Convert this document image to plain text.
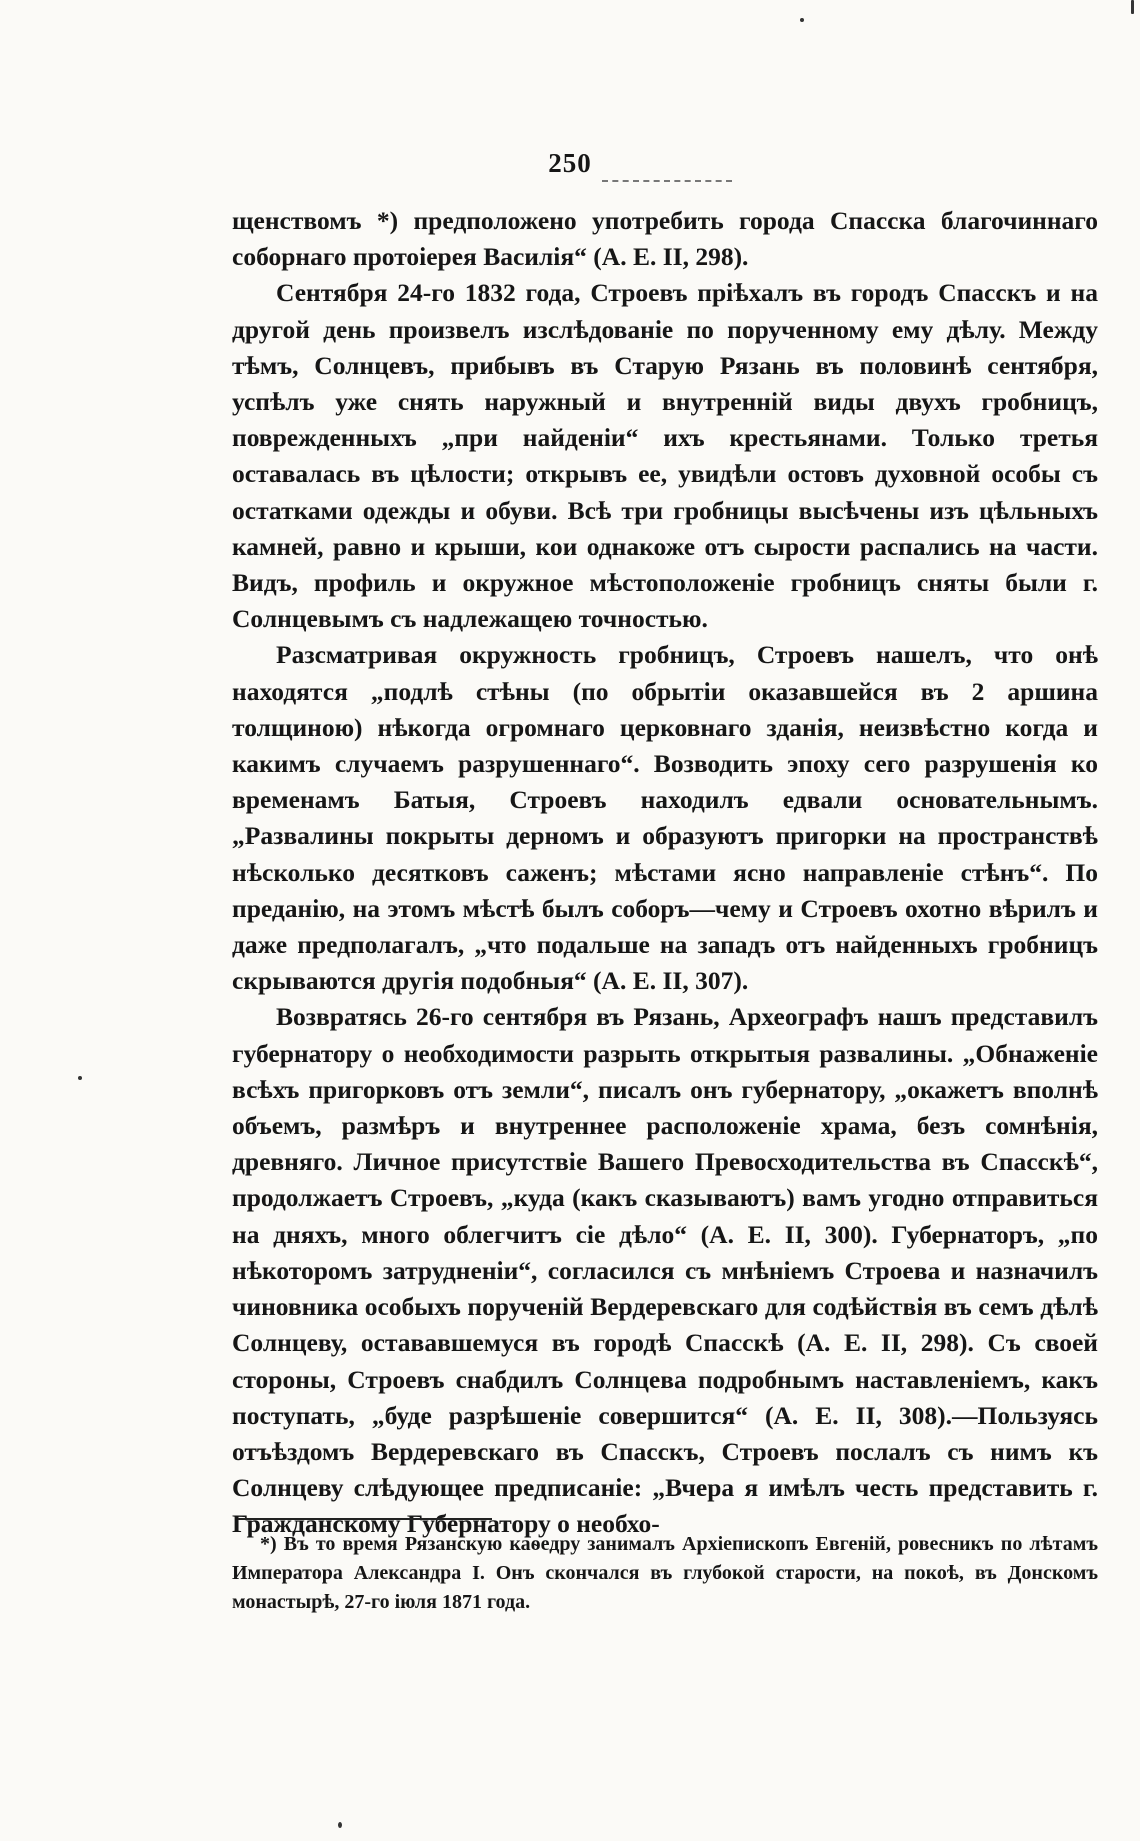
250

щенствомъ *) предположено употребить города Спасска благочиннаго соборнаго протоіерея Василія“ (А. Е. II, 298).

Сентября 24-го 1832 года, Строевъ пріѣхалъ въ городъ Спасскъ и на другой день произвелъ изслѣдованіе по порученному ему дѣлу. Между тѣмъ, Солнцевъ, прибывъ въ Старую Рязань въ половинѣ сентября, успѣлъ уже снять наружный и внутренній виды двухъ гробницъ, поврежденныхъ „при найденіи“ ихъ крестьянами. Только третья оставалась въ цѣлости; открывъ ее, увидѣли остовъ духовной особы съ остатками одежды и обуви. Всѣ три гробницы высѣчены изъ цѣльныхъ камней, равно и крыши, кои однакоже отъ сырости распались на части. Видъ, профиль и окружное мѣстоположеніе гробницъ сняты были г. Солнцевымъ съ надлежащею точностью.

Разсматривая окружность гробницъ, Строевъ нашелъ, что онѣ находятся „подлѣ стѣны (по обрытіи оказавшейся въ 2 аршина толщиною) нѣкогда огромнаго церковнаго зданія, неизвѣстно когда и какимъ случаемъ разрушеннаго“. Возводить эпоху сего разрушенія ко временамъ Батыя, Строевъ находилъ едвали основательнымъ. „Развалины покрыты дерномъ и образуютъ пригорки на пространствѣ нѣсколько десятковъ саженъ; мѣстами ясно направленіе стѣнъ“. По преданію, на этомъ мѣстѣ былъ соборъ—чему и Строевъ охотно вѣрилъ и даже предполагалъ, „что подальше на западъ отъ найденныхъ гробницъ скрываются другія подобныя“ (А. Е. II, 307).

Возвратясь 26-го сентября въ Рязань, Археографъ нашъ представилъ губернатору о необходимости разрыть открытыя развалины. „Обнаженіе всѣхъ пригорковъ отъ земли“, писалъ онъ губернатору, „окажетъ вполнѣ объемъ, размѣръ и внутреннее расположеніе храма, безъ сомнѣнія, древняго. Личное присутствіе Вашего Превосходительства въ Спасскѣ“, продолжаетъ Строевъ, „куда (какъ сказываютъ) вамъ угодно отправиться на дняхъ, много облегчитъ сіе дѣло“ (А. Е. II, 300). Губернаторъ, „по нѣкоторомъ затрудненіи“, согласился съ мнѣніемъ Строева и назначилъ чиновника особыхъ порученій Вердеревскаго для содѣйствія въ семъ дѣлѣ Солнцеву, остававшемуся въ городѣ Спасскѣ (А. Е. II, 298). Съ своей стороны, Строевъ снабдилъ Солнцева подробнымъ наставленіемъ, какъ поступать, „буде разрѣшеніе совершится“ (А. Е. II, 308).—Пользуясь отъѣздомъ Вердеревскаго въ Спасскъ, Строевъ послалъ съ нимъ къ Солнцеву слѣдующее предписаніе: „Вчера я имѣлъ честь представить г. Гражданскому Губернатору о необхо-

*) Въ то время Рязанскую каѳедру занималъ Архіепископъ Евгеній, ровесникъ по лѣтамъ Императора Александра I. Онъ скончался въ глубокой старости, на покоѣ, въ Донскомъ монастырѣ, 27-го іюля 1871 года.
